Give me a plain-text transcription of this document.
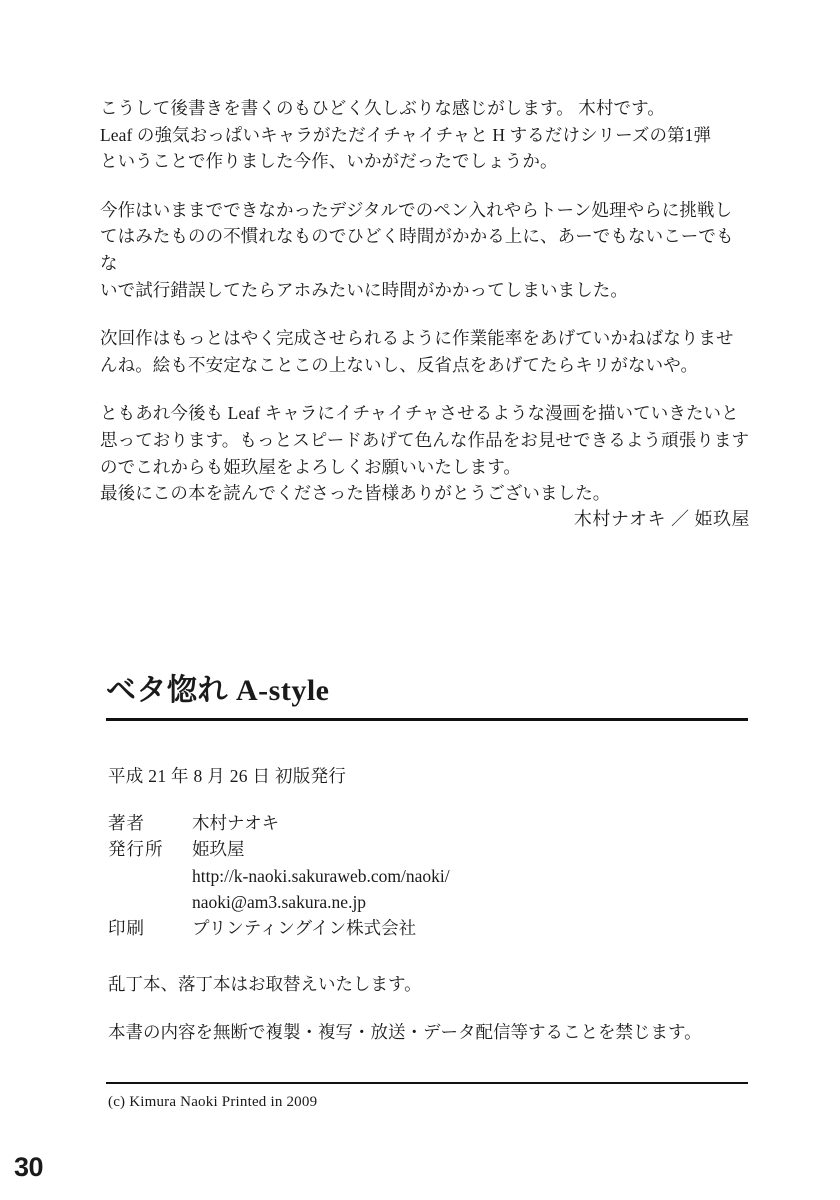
こうして後書きを書くのもひどく久しぶりな感じがします。 木村です。
Leaf の強気おっぱいキャラがただイチャイチャと H するだけシリーズの第1弾
ということで作りました今作、いかがだったでしょうか。

今作はいままでできなかったデジタルでのペン入れやらトーン処理やらに挑戦し
てはみたものの不慣れなものでひどく時間がかかる上に、あーでもないこーでもな
いで試行錯誤してたらアホみたいに時間がかかってしまいました。

次回作はもっとはやく完成させられるように作業能率をあげていかねばなりませ
んね。絵も不安定なことこの上ないし、反省点をあげてたらキリがないや。

ともあれ今後も Leaf キャラにイチャイチャさせるような漫画を描いていきたいと
思っております。もっとスピードあげて色んな作品をお見せできるよう頑張ります
のでこれからも姫玖屋をよろしくお願いいたします。
最後にこの本を読んでくださった皆様ありがとうございました。

木村ナオキ ／ 姫玖屋
ベタ惚れ A-style
平成 21 年 8 月 26 日 初版発行
著者	木村ナオキ
発行所	姫玖屋
http://k-naoki.sakuraweb.com/naoki/
naoki@am3.sakura.ne.jp
印刷	プリンティングイン株式会社

乱丁本、落丁本はお取替えいたします。

本書の内容を無断で複製・複写・放送・データ配信等することを禁じます。

(c) Kimura Naoki Printed in 2009
30
